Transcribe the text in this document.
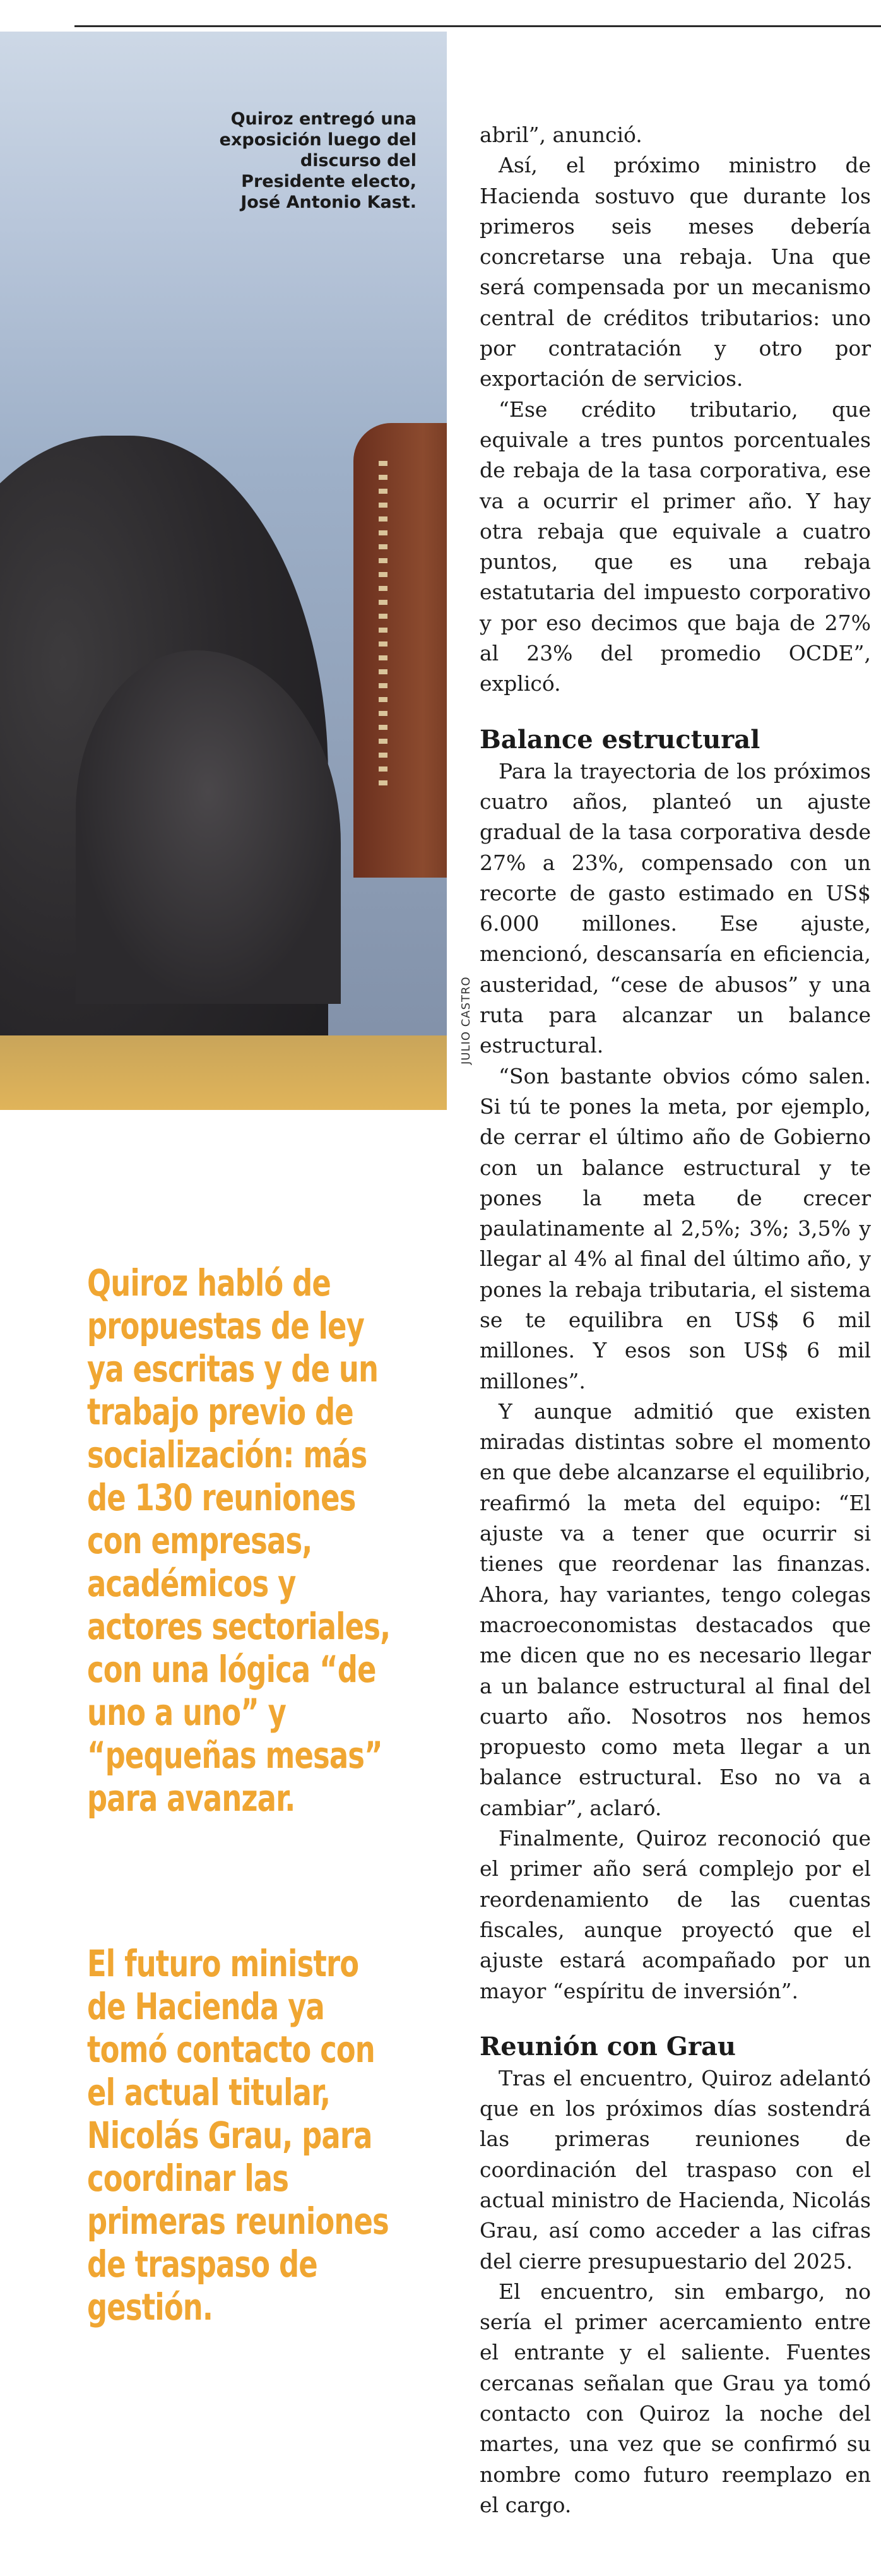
Quiroz entregó una exposición luego del discurso del Presidente electo, José Antonio Kast.
JULIO CASTRO
Quiroz habló de propuestas de ley ya escritas y de un trabajo previo de socialización: más de 130 reuniones con empresas, académicos y actores sectoriales, con una lógica “de uno a uno” y “pequeñas mesas” para avanzar.
El futuro ministro de Hacienda ya tomó contacto con el actual titular, Nicolás Grau, para coordinar las primeras reuniones de traspaso de gestión.

abril”, anunció.

Así, el próximo ministro de Hacienda sostuvo que durante los primeros seis meses debería concretarse una rebaja. Una que será compensada por un mecanismo central de créditos tributarios: uno por contratación y otro por exportación de servicios.

“Ese crédito tributario, que equivale a tres puntos porcentuales de rebaja de la tasa corporativa, ese va a ocurrir el primer año. Y hay otra rebaja que equivale a cuatro puntos, que es una rebaja estatutaria del impuesto corporativo y por eso decimos que baja de 27% al 23% del promedio OCDE”, explicó.

Balance estructural

Para la trayectoria de los próximos cuatro años, planteó un ajuste gradual de la tasa corporativa desde 27% a 23%, compensado con un recorte de gasto estimado en US$ 6.000 millones. Ese ajuste, mencionó, descansaría en eficiencia, austeridad, “cese de abusos” y una ruta para alcanzar un balance estructural.

“Son bastante obvios cómo salen. Si tú te pones la meta, por ejemplo, de cerrar el último año de Gobierno con un balance estructural y te pones la meta de crecer paulatinamente al 2,5%; 3%; 3,5% y llegar al 4% al final del último año, y pones la rebaja tributaria, el sistema se te equilibra en US$ 6 mil millones. Y esos son US$ 6 mil millones”.

Y aunque admitió que existen miradas distintas sobre el momento en que debe alcanzarse el equilibrio, reafirmó la meta del equipo: “El ajuste va a tener que ocurrir si tienes que reordenar las finanzas. Ahora, hay variantes, tengo colegas macroeconomistas destacados que me dicen que no es necesario llegar a un balance estructural al final del cuarto año. Nosotros nos hemos propuesto como meta llegar a un balance estructural. Eso no va a cambiar”, aclaró.

Finalmente, Quiroz reconoció que el primer año será complejo por el reordenamiento de las cuentas fiscales, aunque proyectó que el ajuste estará acompañado por un mayor “espíritu de inversión”.

Reunión con Grau

Tras el encuentro, Quiroz adelantó que en los próximos días sostendrá las primeras reuniones de coordinación del traspaso con el actual ministro de Hacienda, Nicolás Grau, así como acceder a las cifras del cierre presupuestario del 2025.

El encuentro, sin embargo, no sería el primer acercamiento entre el entrante y el saliente. Fuentes cercanas señalan que Grau ya tomó contacto con Quiroz la noche del martes, una vez que se confirmó su nombre como futuro reemplazo en el cargo.
